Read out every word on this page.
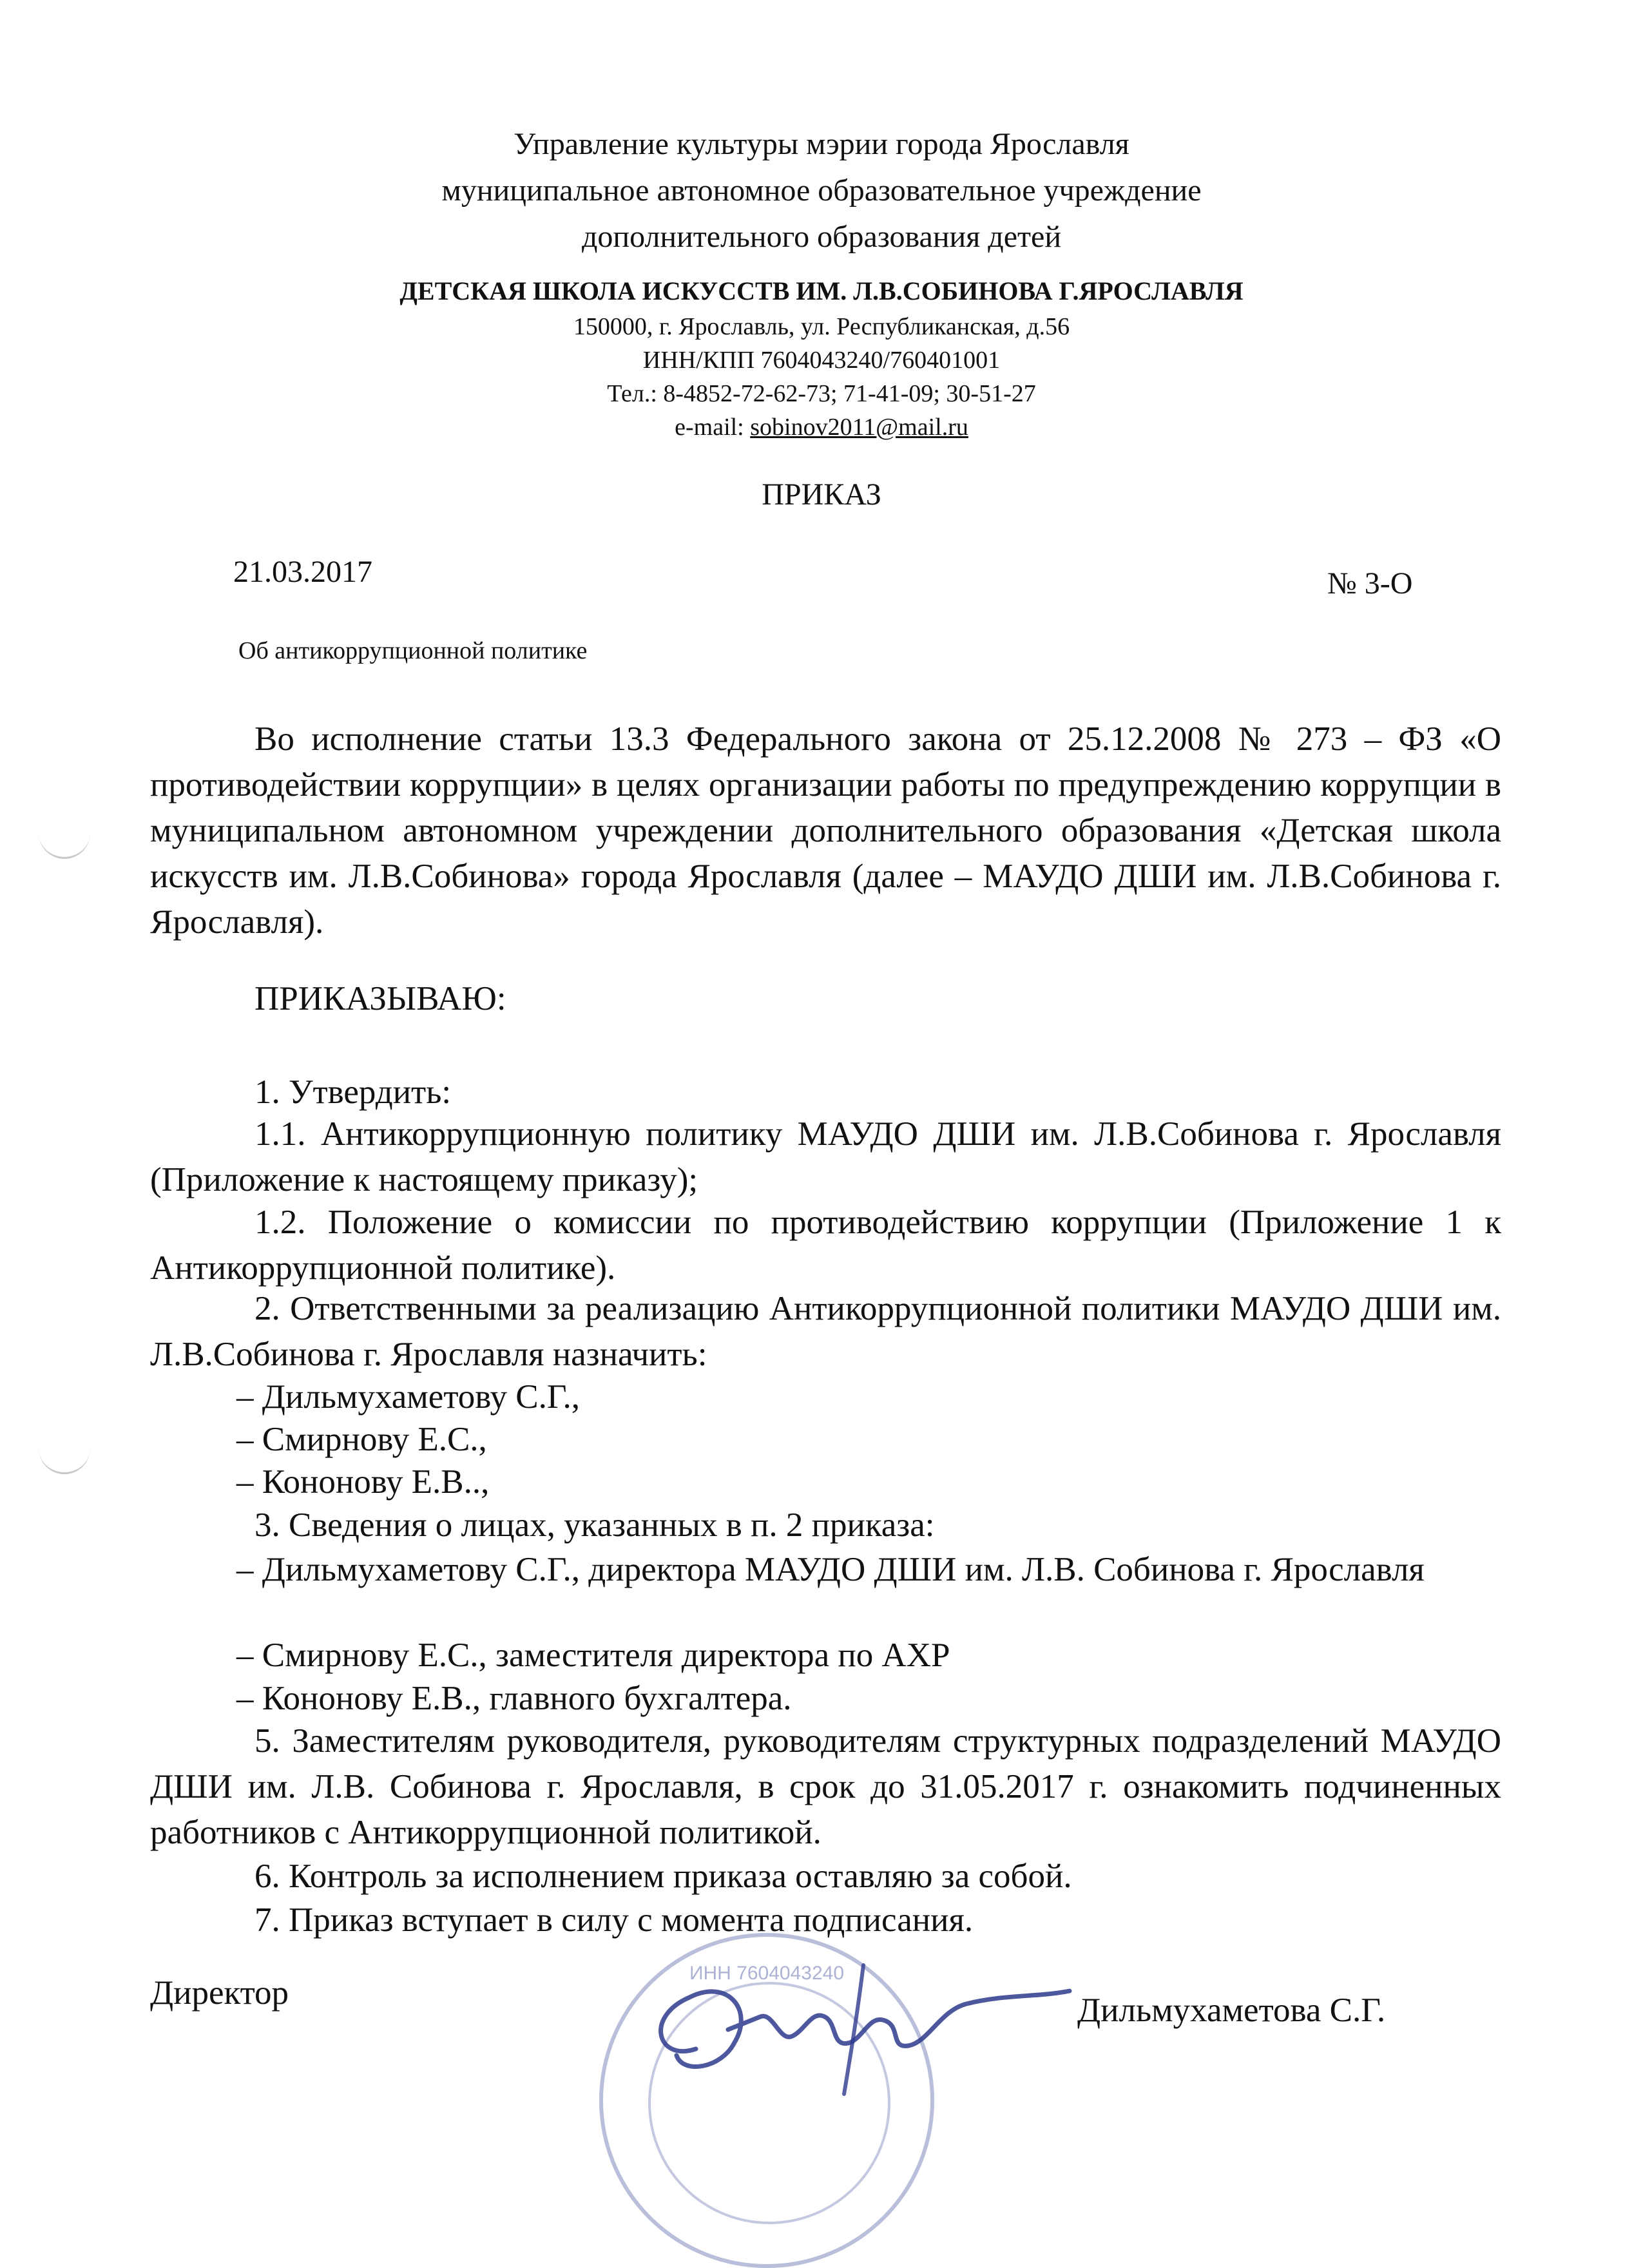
Управление культуры мэрии города Ярославля
муниципальное автономное образовательное учреждение
дополнительного образования детей
ДЕТСКАЯ ШКОЛА ИСКУССТВ ИМ. Л.В.СОБИНОВА Г.ЯРОСЛАВЛЯ
150000, г. Ярославль, ул. Республиканская, д.56
ИНН/КПП 7604043240/760401001
Тел.: 8-4852-72-62-73; 71-41-09; 30-51-27
e-mail: sobinov2011@mail.ru
ПРИКАЗ
21.03.2017	№ 3-О
Об антикоррупционной политике

Во исполнение статьи 13.3 Федерального закона от 25.12.2008 № 273 – ФЗ «О противодействии коррупции» в целях организации работы по предупреждению коррупции в муниципальном автономном учреждении дополнительного образования «Детская школа искусств им. Л.В.Собинова» города Ярославля (далее – МАУДО ДШИ им. Л.В.Собинова г. Ярославля).

ПРИКАЗЫВАЮ:

1. Утвердить:

1.1. Антикоррупционную политику МАУДО ДШИ им. Л.В.Собинова г. Ярославля (Приложение к настоящему приказу);

1.2. Положение о комиссии по противодействию коррупции (Приложение 1 к Антикоррупционной политике).

2. Ответственными за реализацию Антикоррупционной политики МАУДО ДШИ им. Л.В.Собинова г. Ярославля назначить:

– Дильмухаметову С.Г.,

– Смирнову Е.С.,

– Кононову Е.В..,

3. Сведения о лицах, указанных в п. 2 приказа:

– Дильмухаметову С.Г., директора МАУДО ДШИ им. Л.В. Собинова г. Ярославля

– Смирнову Е.С., заместителя директора по АХР

– Кононову Е.В., главного бухгалтера.

5. Заместителям руководителя, руководителям структурных подразделений МАУДО ДШИ им. Л.В. Собинова г. Ярославля, в срок до 31.05.2017 г. ознакомить подчиненных работников с Антикоррупционной политикой.

6. Контроль за исполнением приказа оставляю за собой.

7. Приказ вступает в силу с момента подписания.

ИНН 7604043240
Директор	Дильмухаметова С.Г.
